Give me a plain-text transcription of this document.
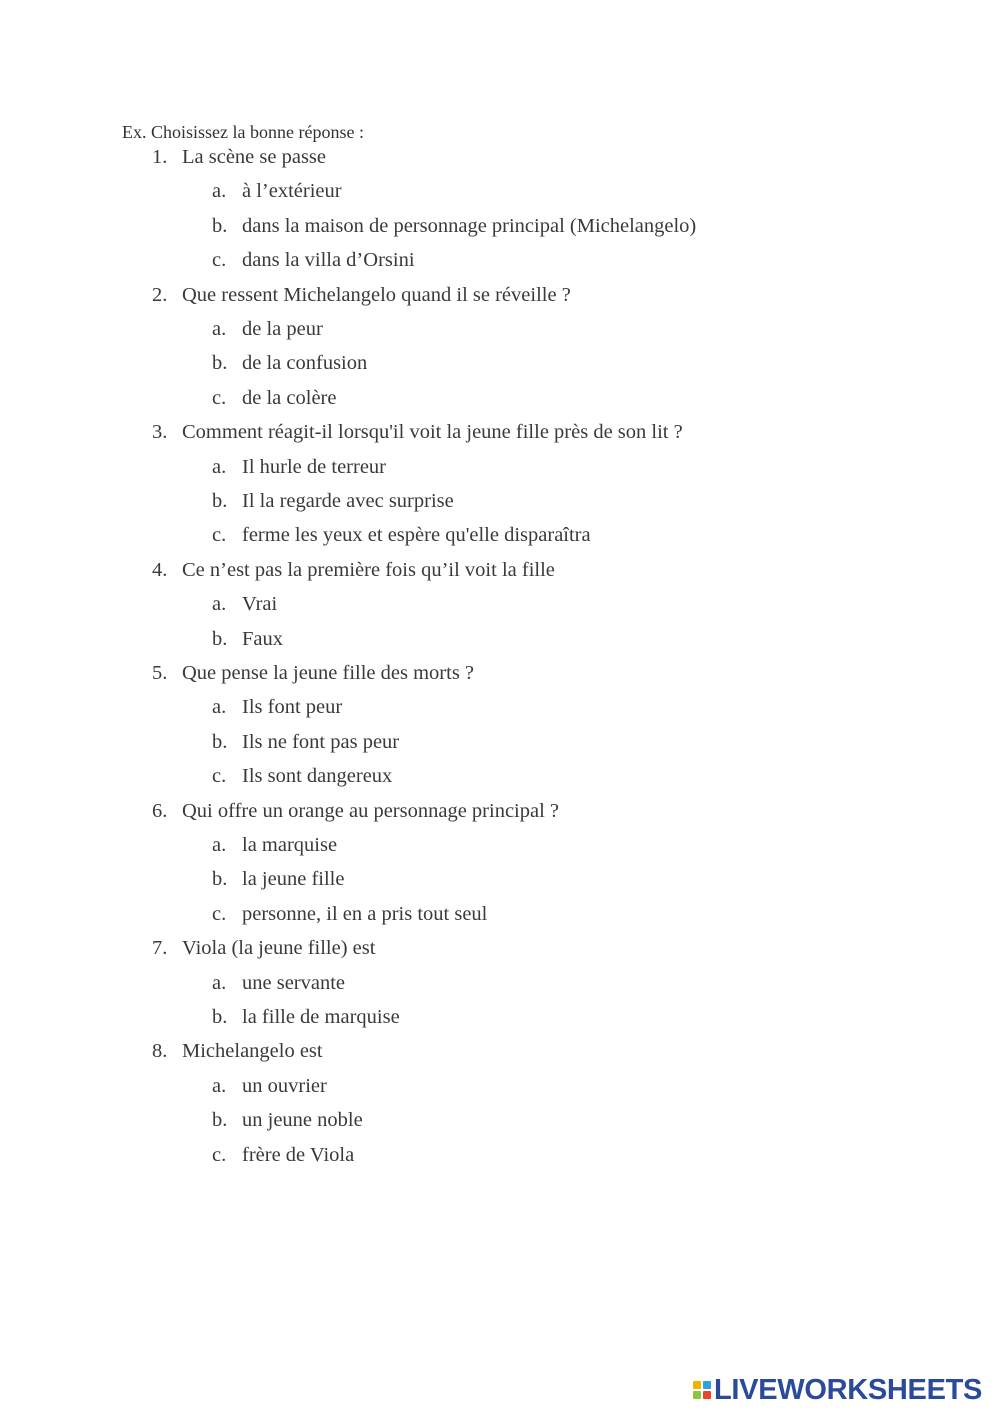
Ex. Choisissez la bonne réponse :
1. La scène se passe
a. à l’extérieur
b. dans la maison de personnage principal (Michelangelo)
c. dans la villa d’Orsini
2. Que ressent Michelangelo quand il se réveille ?
a. de la peur
b. de la confusion
c. de la colère
3. Comment réagit-il lorsqu'il voit la jeune fille près de son lit ?
a. Il hurle de terreur
b. Il la regarde avec surprise
c. ferme les yeux et espère qu'elle disparaîtra
4. Ce n’est pas la première fois qu’il voit la fille
a. Vrai
b. Faux
5. Que pense la jeune fille des morts ?
a. Ils font peur
b. Ils ne font pas peur
c. Ils sont dangereux
6. Qui offre un orange au personnage principal ?
a. la marquise
b. la jeune fille
c. personne, il en a pris tout seul
7. Viola (la jeune fille) est
a. une servante
b. la fille de marquise
8. Michelangelo est
a. un ouvrier
b. un jeune noble
c. frère de Viola
LIVEWORKSHEETS
